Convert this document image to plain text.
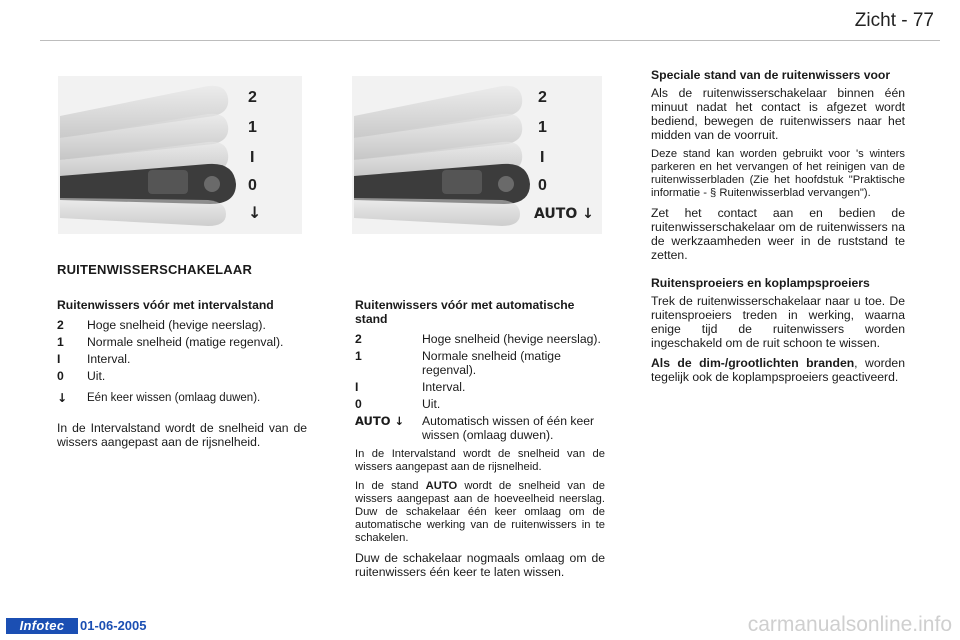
Zicht - 77
2
1
I
0
↓
2
1
I
0
AUTO ↓
RUITENWISSERSCHAKELAAR
Ruitenwissers vóór met intervalstand
2	Hoge snelheid (hevige neerslag).
1	Normale snelheid (matige regenval).
I	Interval.
0	Uit.
↓	Eén keer wissen (omlaag duwen).

In de Intervalstand wordt de snelheid van de wissers aangepast aan de rijsnelheid.

Ruitenwissers vóór met automatische stand
2	Hoge snelheid (hevige neerslag).
1	Normale snelheid (matige regenval).
I	Interval.
0	Uit.
AUTO ↓	Automatisch wissen of één keer wissen (omlaag duwen).

In de Intervalstand wordt de snelheid van de wissers aangepast aan de rijsnelheid.

In de stand AUTO wordt de snelheid van de wissers aangepast aan de hoeveelheid neerslag. Duw de schakelaar één keer omlaag om de automatische werking van de ruitenwissers in te schakelen.

Duw de schakelaar nogmaals omlaag om de ruitenwissers één keer te laten wissen.

Speciale stand van de ruitenwissers voor

Als de ruitenwisserschakelaar binnen één minuut nadat het contact is afgezet wordt bediend, bewegen de ruitenwissers naar het midden van de voorruit.

Deze stand kan worden gebruikt voor 's winters parkeren en het vervangen of het reinigen van de ruitenwisserbladen (Zie het hoofdstuk "Praktische informatie - § Ruitenwisserblad vervangen").

Zet het contact aan en bedien de ruitenwisserschakelaar om de ruitenwissers na de werkzaamheden weer in de ruststand te zetten.

Ruitensproeiers en koplampsproeiers

Trek de ruitenwisserschakelaar naar u toe. De ruitensproeiers treden in werking, waarna enige tijd de ruitenwissers worden ingeschakeld om de ruit schoon te wissen.

Als de dim-/grootlichten branden, worden tegelijk ook de koplampsproeiers geactiveerd.

Infotec	01-06-2005	carmanualsonline.info
